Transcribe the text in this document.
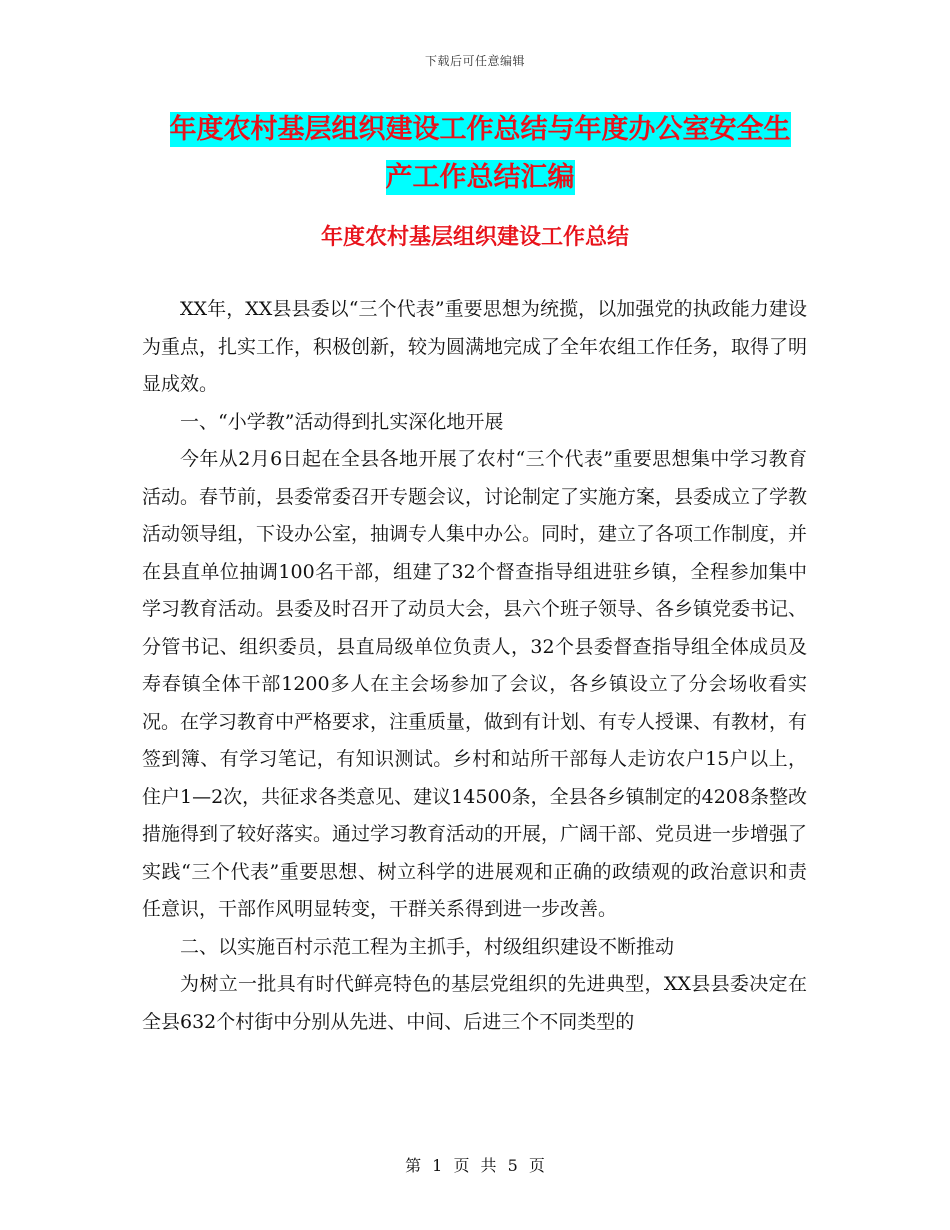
下载后可任意编辑
年度农村基层组织建设工作总结与年度办公室安全生
产工作总结汇编
年度农村基层组织建设工作总结

XX年，XX县县委以“三个代表”重要思想为统揽，以加强党的执政能力建设为重点，扎实工作，积极创新，较为圆满地完成了全年农组工作任务，取得了明显成效。

一、“小学教”活动得到扎实深化地开展

今年从2月6日起在全县各地开展了农村“三个代表”重要思想集中学习教育活动。春节前，县委常委召开专题会议，讨论制定了实施方案，县委成立了学教活动领导组，下设办公室，抽调专人集中办公。同时，建立了各项工作制度，并在县直单位抽调100名干部，组建了32个督查指导组进驻乡镇，全程参加集中学习教育活动。县委及时召开了动员大会，县六个班子领导、各乡镇党委书记、分管书记、组织委员，县直局级单位负责人，32个县委督查指导组全体成员及寿春镇全体干部1200多人在主会场参加了会议，各乡镇设立了分会场收看实况。在学习教育中严格要求，注重质量，做到有计划、有专人授课、有教材，有签到簿、有学习笔记，有知识测试。乡村和站所干部每人走访农户15户以上，住户1—2次，共征求各类意见、建议14500条，全县各乡镇制定的4208条整改措施得到了较好落实。通过学习教育活动的开展，广阔干部、党员进一步增强了实践“三个代表”重要思想、树立科学的进展观和正确的政绩观的政治意识和责任意识，干部作风明显转变，干群关系得到进一步改善。

二、以实施百村示范工程为主抓手，村级组织建设不断推动

为树立一批具有时代鲜亮特色的基层党组织的先进典型，XX县县委决定在全县632个村街中分别从先进、中间、后进三个不同类型的

第 1 页 共 5 页
